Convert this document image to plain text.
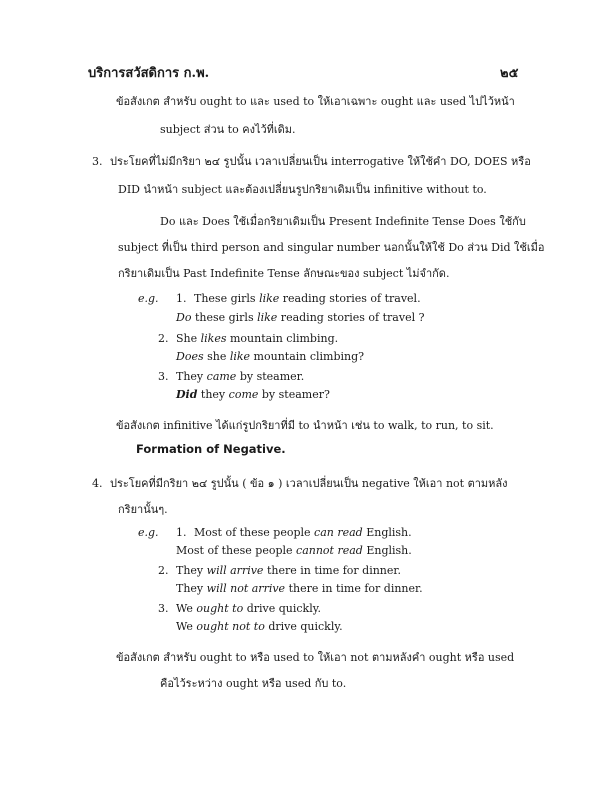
บริการสวัสดิการ ก.พ.	๒๕
ข้อสังเกต สำหรับ ought to และ used to ให้เอาเฉพาะ ought และ used ไปไว้หน้า
subject ส่วน to คงไว้ที่เดิม.
3. ประโยคที่ไม่มีกริยา ๒๔ รูปนั้น เวลาเปลี่ยนเป็น interrogative ให้ใช้คำ DO, DOES หรือ
DID นำหน้า subject และต้องเปลี่ยนรูปกริยาเดิมเป็น infinitive without to.
Do และ Does ใช้เมื่อกริยาเดิมเป็น Present Indefinite Tense Does ใช้กับ
subject ที่เป็น third person and singular number นอกนั้นให้ใช้ Do ส่วน Did ใช้เมื่อ
กริยาเดิมเป็น Past Indefinite Tense ลักษณะของ subject ไม่จำกัด.
e.g. 1. These girls like reading stories of travel.
Do these girls like reading stories of travel ?
2. She likes mountain climbing.
Does she like mountain climbing?
3. They came by steamer.
Did they come by steamer?
ข้อสังเกต infinitive ได้แก่รูปกริยาที่มี to นำหน้า เช่น to walk, to run, to sit.
Formation of Negative.
4. ประโยคที่มีกริยา ๒๔ รูปนั้น ( ข้อ ๑ ) เวลาเปลี่ยนเป็น negative ให้เอา not ตามหลัง
กริยานั้นๆ.
e.g. 1. Most of these people can read English.
Most of these people cannot read English.
2. They will arrive there in time for dinner.
They will not arrive there in time for dinner.
3. We ought to drive quickly.
We ought not to drive quickly.
ข้อสังเกต สำหรับ ought to หรือ used to ให้เอา not ตามหลังคำ ought หรือ used
คือไว้ระหว่าง ought หรือ used กับ to.
